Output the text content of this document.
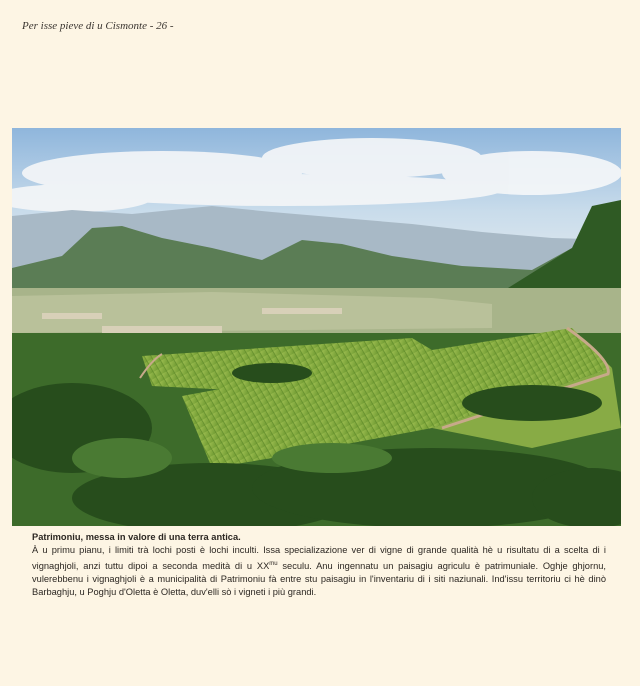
Per isse pieve di u Cismonte - 26 -
Patrimoniu, messa in valore di una terra antica.
À u primu pianu, i limiti trà lochi posti è lochi inculti. Issa specializazione ver di vigne di grande qualità hè u risultatu di a scelta di i vignaghjoli, anzi tuttu dipoi a seconda medità di u $XX^{mu}$ seculu. Anu ingennatu un paisagiu agriculu è patrimuniale. Oghje ghjornu, vulerebbenu i vignaghjoli è a municipalità di Patrimoniu fà entre stu paisagiu in l'inventariu di i siti naziunali. Ind'issu territoriu ci hè dinò Barbaghju, u Poghju d'Oletta è Oletta, duv'elli sò i vigneti i più grandi.
